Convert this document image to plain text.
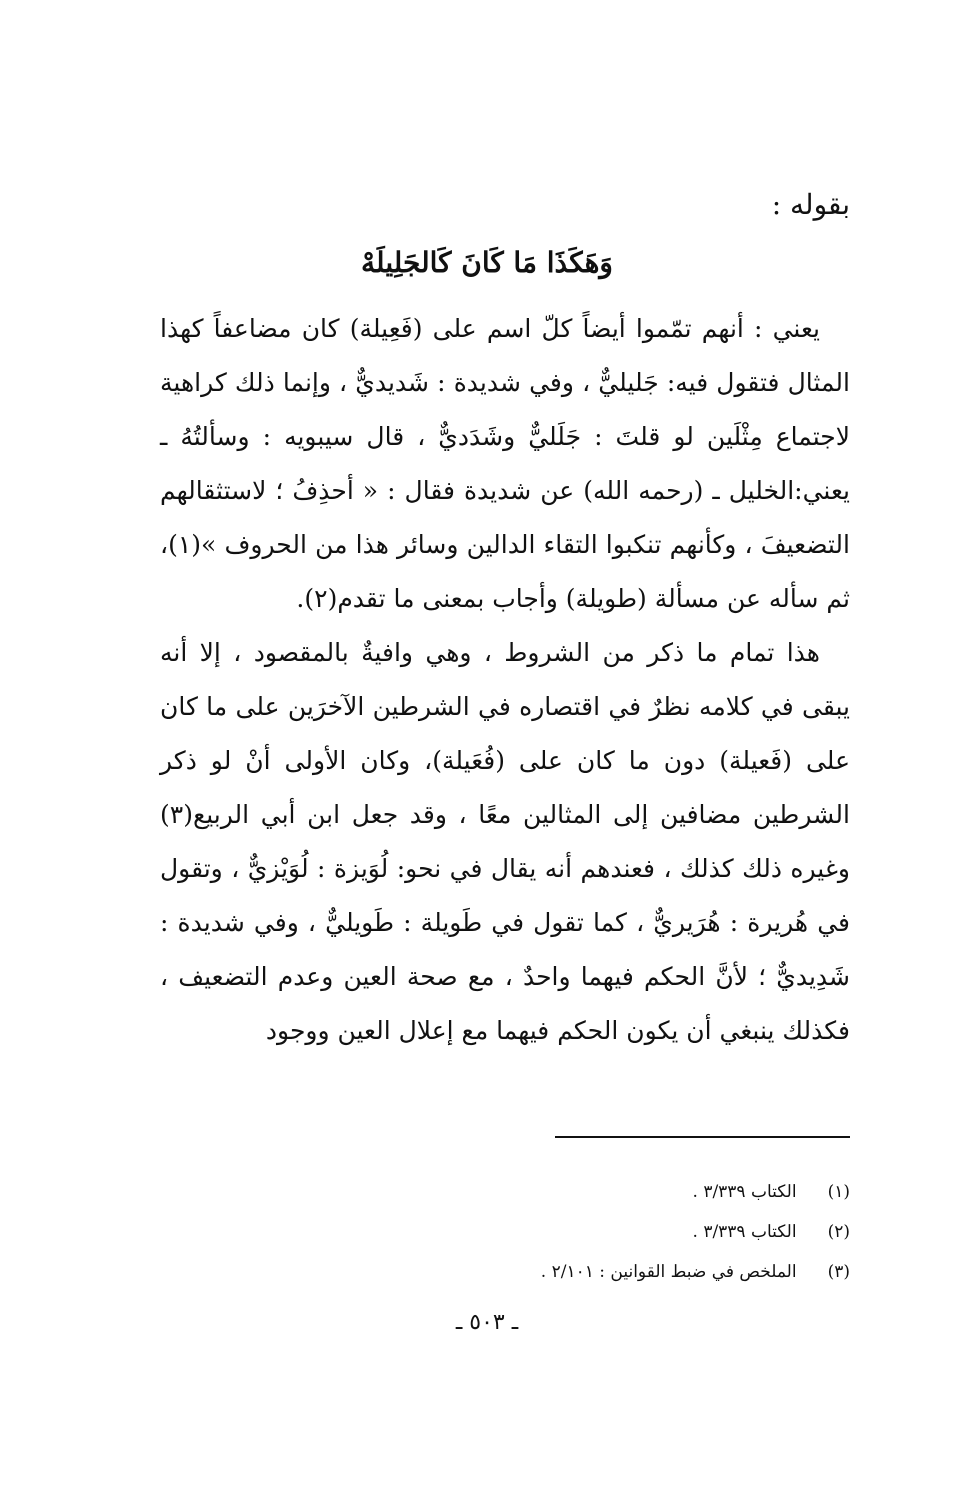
بقوله :
وَهَكَذَا مَا كَانَ كَالجَلِيلَهْ

يعني : أنهم تمّموا أيضاً كلّ اسم على (فَعِيلة) كان مضاعفاً كهذا المثال فتقول فيه: جَليليٌّ ، وفي شديدة : شَديديٌّ ، وإنما ذلك كراهية لاجتماع مِثْلَين لو قلتَ : جَلَليٌّ وشَدَديٌّ ، قال سيبويه : وسألتُهُ ـ يعني:الخليل ـ (رحمه الله) عن شديدة فقال : « أحذِفُ ؛ لاستثقالهم التضعيفَ ، وكأنهم تنكبوا التقاء الدالين وسائر هذا من الحروف »(١)، ثم سأله عن مسألة (طويلة) وأجاب بمعنى ما تقدم(٢).

هذا تمام ما ذكر من الشروط ، وهي وافيةٌ بالمقصود ، إلا أنه يبقى في كلامه نظرٌ في اقتصاره في الشرطين الآخرَين على ما كان على (فَعيلة) دون ما كان على (فُعَيلة)، وكان الأولى أنْ لو ذكر الشرطين مضافين إلى المثالين معًا ، وقد جعل ابن أبي الربيع(٣) وغيره ذلك كذلك ، فعندهم أنه يقال في نحو: لُوَيزة : لُوَيْزيٌّ ، وتقول في هُريرة : هُرَيريٌّ ، كما تقول في طَويلة : طَويليٌّ ، وفي شديدة : شَدِيديٌّ ؛ لأنَّ الحكم فيهما واحدٌ ، مع صحة العين وعدم التضعيف ، فكذلك ينبغي أن يكون الحكم فيهما مع إعلال العين ووجود

(١) الكتاب ٣/٣٣٩ .
(٢) الكتاب ٣/٣٣٩ .
(٣) الملخص في ضبط القوانين : ٢/١٠١ .
ـ ٥٠٣ ـ
